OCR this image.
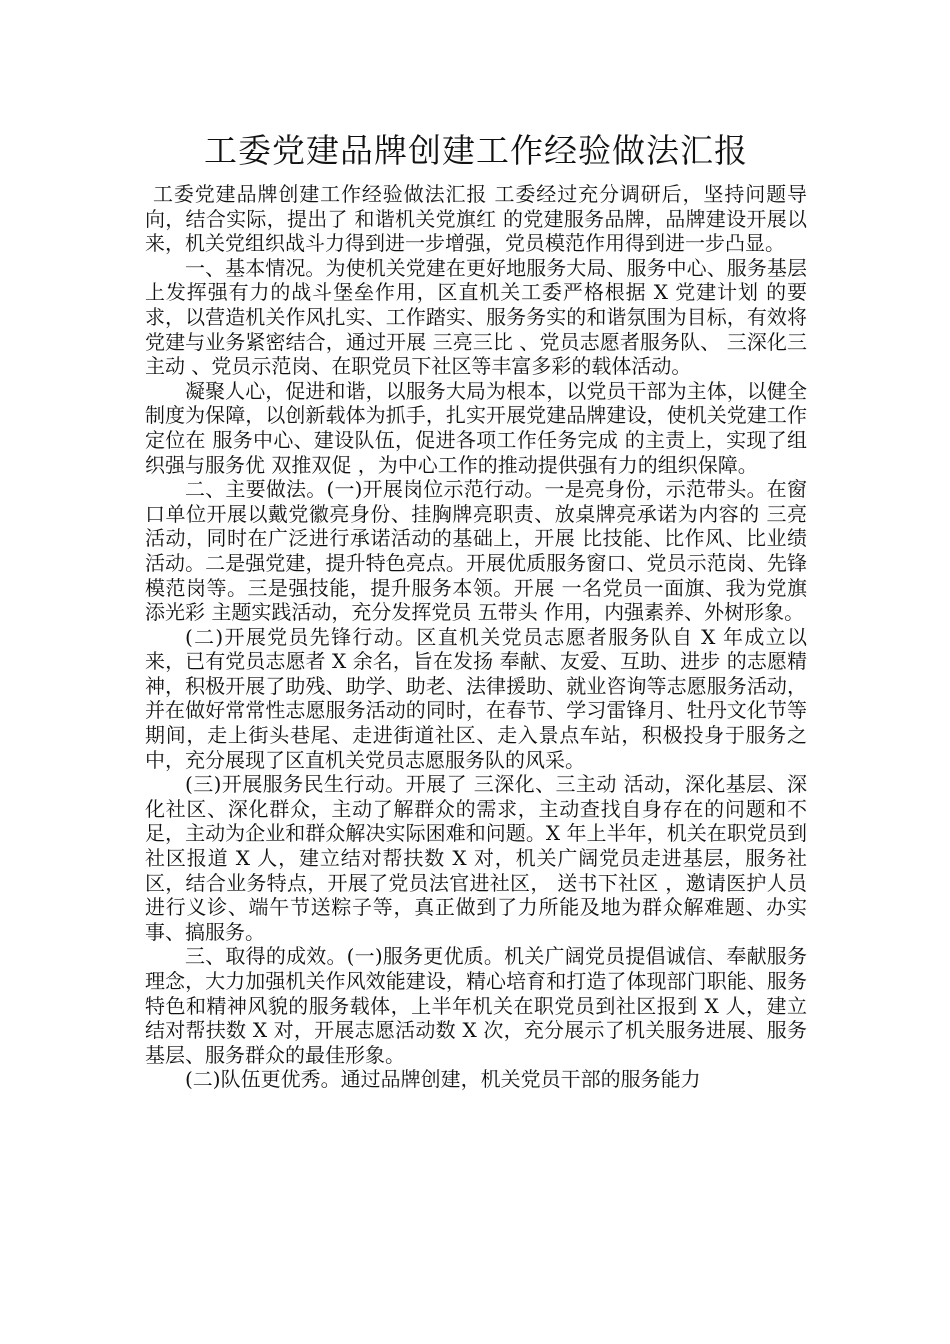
工委党建品牌创建工作经验做法汇报

工委党建品牌创建工作经验做法汇报 工委经过充分调研后，坚持问题导向，结合实际，提出了 和谐机关党旗红 的党建服务品牌，品牌建设开展以来，机关党组织战斗力得到进一步增强，党员模范作用得到进一步凸显。

一、基本情况。为使机关党建在更好地服务大局、服务中心、服务基层上发挥强有力的战斗堡垒作用，区直机关工委严格根据 X 党建计划 的要求，以营造机关作风扎实、工作踏实、服务务实的和谐氛围为目标，有效将党建与业务紧密结合，通过开展 三亮三比 、党员志愿者服务队、 三深化三主动 、党员示范岗、在职党员下社区等丰富多彩的载体活动。

凝聚人心，促进和谐，以服务大局为根本，以党员干部为主体，以健全制度为保障，以创新载体为抓手，扎实开展党建品牌建设，使机关党建工作定位在 服务中心、建设队伍，促进各项工作任务完成 的主责上，实现了组织强与服务优 双推双促 ，为中心工作的推动提供强有力的组织保障。

二、主要做法。(一)开展岗位示范行动。一是亮身份，示范带头。在窗口单位开展以戴党徽亮身份、挂胸牌亮职责、放桌牌亮承诺为内容的 三亮 活动，同时在广泛进行承诺活动的基础上，开展 比技能、比作风、比业绩 活动。二是强党建，提升特色亮点。开展优质服务窗口、党员示范岗、先锋模范岗等。三是强技能，提升服务本领。开展 一名党员一面旗、我为党旗添光彩 主题实践活动，充分发挥党员 五带头 作用，内强素养、外树形象。

(二)开展党员先锋行动。区直机关党员志愿者服务队自 X 年成立以来，已有党员志愿者 X 余名，旨在发扬 奉献、友爱、互助、进步 的志愿精神，积极开展了助残、助学、助老、法律援助、就业咨询等志愿服务活动，并在做好常常性志愿服务活动的同时，在春节、学习雷锋月、牡丹文化节等期间，走上街头巷尾、走进街道社区、走入景点车站，积极投身于服务之中，充分展现了区直机关党员志愿服务队的风采。

(三)开展服务民生行动。开展了 三深化、三主动 活动，深化基层、深化社区、深化群众，主动了解群众的需求，主动查找自身存在的问题和不足，主动为企业和群众解决实际困难和问题。X 年上半年，机关在职党员到社区报道 X 人，建立结对帮扶数 X 对，机关广阔党员走进基层，服务社区，结合业务特点，开展了党员法官进社区， 送书下社区 ，邀请医护人员进行义诊、端午节送粽子等，真正做到了力所能及地为群众解难题、办实事、搞服务。

三、取得的成效。(一)服务更优质。机关广阔党员提倡诚信、奉献服务理念，大力加强机关作风效能建设，精心培育和打造了体现部门职能、服务特色和精神风貌的服务载体，上半年机关在职党员到社区报到 X 人，建立结对帮扶数 X 对，开展志愿活动数 X 次，充分展示了机关服务进展、服务基层、服务群众的最佳形象。

(二)队伍更优秀。通过品牌创建，机关党员干部的服务能力
